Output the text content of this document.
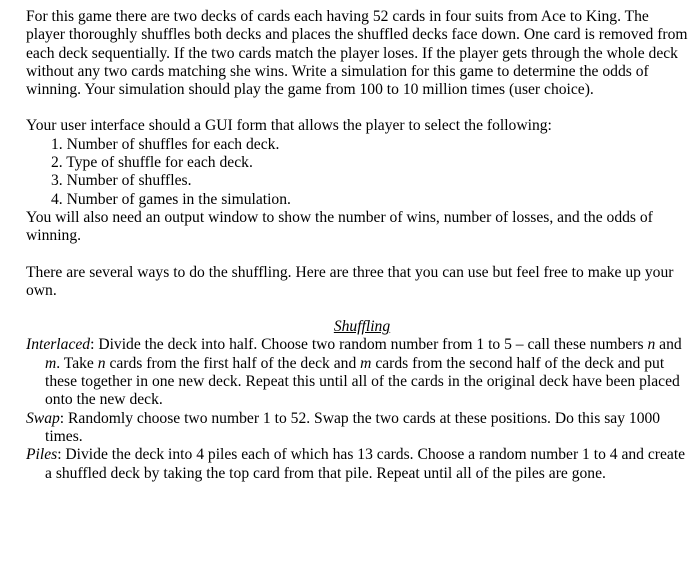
For this game there are two decks of cards each having 52 cards in four suits from Ace to King. The player thoroughly shuffles both decks and places the shuffled decks face down. One card is removed from each deck sequentially. If the two cards match the player loses. If the player gets through the whole deck without any two cards matching she wins. Write a simulation for this game to determine the odds of winning. Your simulation should play the game from 100 to 10 million times (user choice).

Your user interface should a GUI form that allows the player to select the following:

1. Number of shuffles for each deck.
2. Type of shuffle for each deck.
3. Number of shuffles.
4. Number of games in the simulation.

You will also need an output window to show the number of wins, number of losses, and the odds of winning.

There are several ways to do the shuffling. Here are three that you can use but feel free to make up your own.

Shuffling

Interlaced: Divide the deck into half. Choose two random number from 1 to 5 – call these numbers n and m. Take n cards from the first half of the deck and m cards from the second half of the deck and put these together in one new deck. Repeat this until all of the cards in the original deck have been placed onto the new deck.

Swap: Randomly choose two number 1 to 52. Swap the two cards at these positions. Do this say 1000 times.

Piles: Divide the deck into 4 piles each of which has 13 cards. Choose a random number 1 to 4 and create a shuffled deck by taking the top card from that pile. Repeat until all of the piles are gone.
